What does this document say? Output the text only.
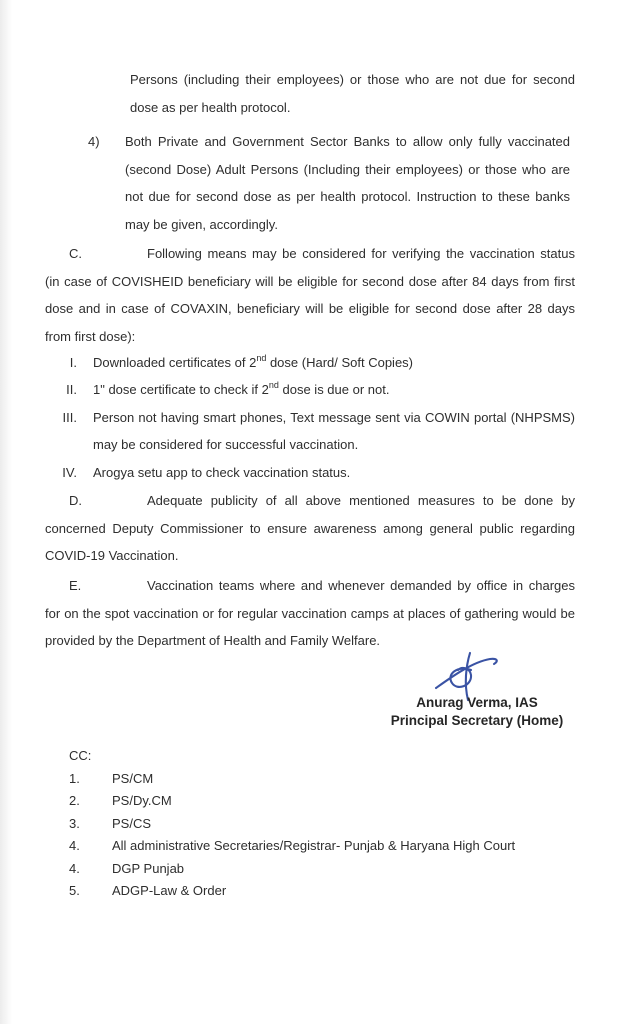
Persons (including their employees) or those who are not due for second dose as per health protocol.

4)	Both Private and Government Sector Banks to allow only fully vaccinated (second Dose) Adult Persons (Including their employees) or those who are not due for second dose as per health protocol. Instruction to these banks may be given, accordingly.

C.	Following means may be considered for verifying the vaccination status (in case of COVISHEID beneficiary will be eligible for second dose after 84 days from first dose and in case of COVAXIN, beneficiary will be eligible for second dose after 28 days from first dose):

I. Downloaded certificates of 2nd dose (Hard/ Soft Copies)
II. 1" dose certificate to check if 2nd dose is due or not.
III. Person not having smart phones, Text message sent via COWIN portal (NHPSMS) may be considered for successful vaccination.
IV. Arogya setu app to check vaccination status.

D.	Adequate publicity of all above mentioned measures to be done by concerned Deputy Commissioner to ensure awareness among general public regarding COVID-19 Vaccination.

E.	Vaccination teams where and whenever demanded by office in charges for on the spot vaccination or for regular vaccination camps at places of gathering would be provided by the Department of Health and Family Welfare.

Anurag Verma, IAS
Principal Secretary (Home)
CC:
1.	PS/CM
2.	PS/Dy.CM
3.	PS/CS
4.	All administrative Secretaries/Registrar- Punjab & Haryana High Court
4.	DGP Punjab
5.	ADGP-Law & Order
